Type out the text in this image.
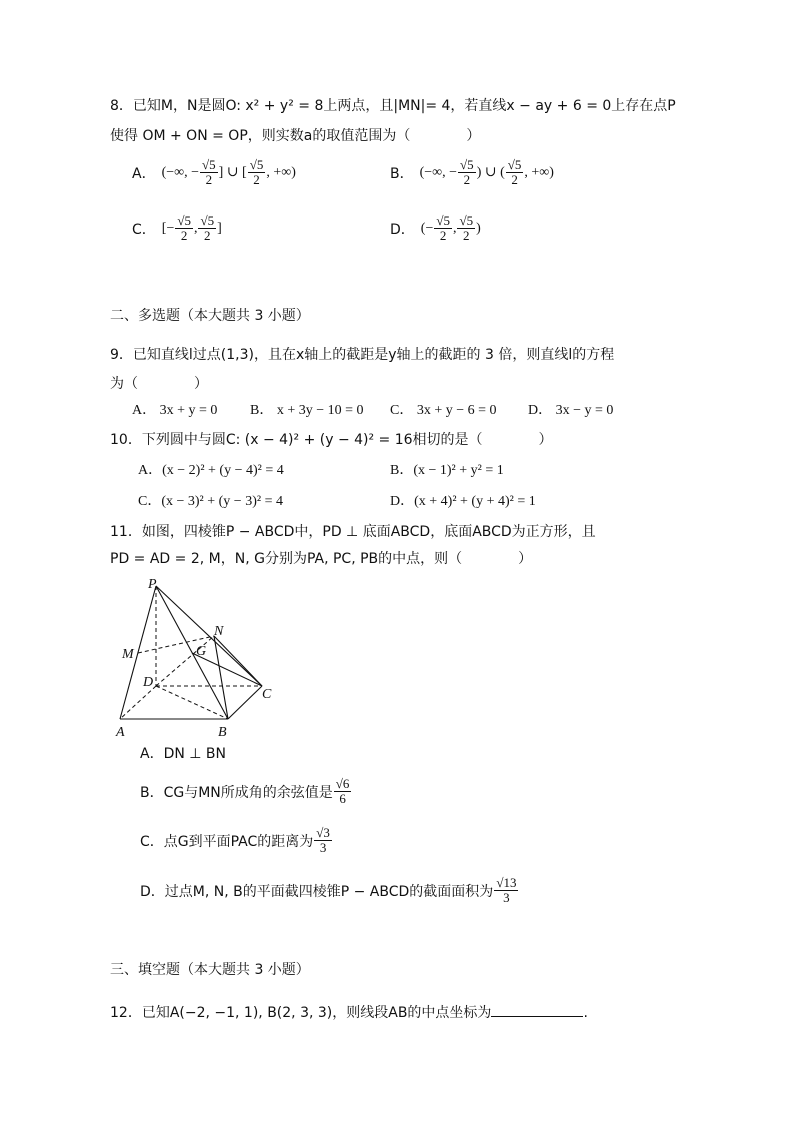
8．已知M，N是圆O: x² + y² = 8上两点，且|MN|= 4，若直线x − ay + 6 = 0上存在点P
使得 OM + ON = OP，则实数a的取值范围为（　　　　）
A． (−∞, − $\frac{√5}{2}$ ] ∪ [ $\frac{√5}{2}$ , +∞)	B． (−∞, − $\frac{√5}{2}$ ) ∪ ( $\frac{√5}{2}$ , +∞)
C． [− $\frac{√5}{2}$ , $\frac{√5}{2}$ ]	D． (− $\frac{√5}{2}$ , $\frac{√5}{2}$ )
二、多选题（本大题共 3 小题）
9．已知直线l过点(1,3)，且在x轴上的截距是y轴上的截距的 3 倍，则直线l的方程
为（　　　　）
A． 3x + y = 0 B． x + 3y − 10 = 0 C． 3x + y − 6 = 0 D． 3x − y = 0
10．下列圆中与圆C: (x − 4)² + (y − 4)² = 16相切的是（　　　　）
A．(x − 2)² + (y − 4)² = 4	B．(x − 1)² + y² = 1
C．(x − 3)² + (y − 3)² = 4	D．(x + 4)² + (y + 4)² = 1
11．如图，四棱锥P − ABCD中，PD ⊥ 底面ABCD，底面ABCD为正方形，且
PD = AD = 2, M，N, G分别为PA, PC, PB的中点，则（　　　　）
P
N
M	G
D
C
A	B
A．DN ⊥ BN
B．CG与MN所成角的余弦值是 $\frac{√6}{6}$
C．点G到平面PAC的距离为 $\frac{√3}{3}$
D．过点M, N, B的平面截四棱锥P − ABCD的截面面积为 $\frac{√13}{3}$
三、填空题（本大题共 3 小题）
12．已知A(−2, −1, 1), B(2, 3, 3)，则线段AB的中点坐标为	.
